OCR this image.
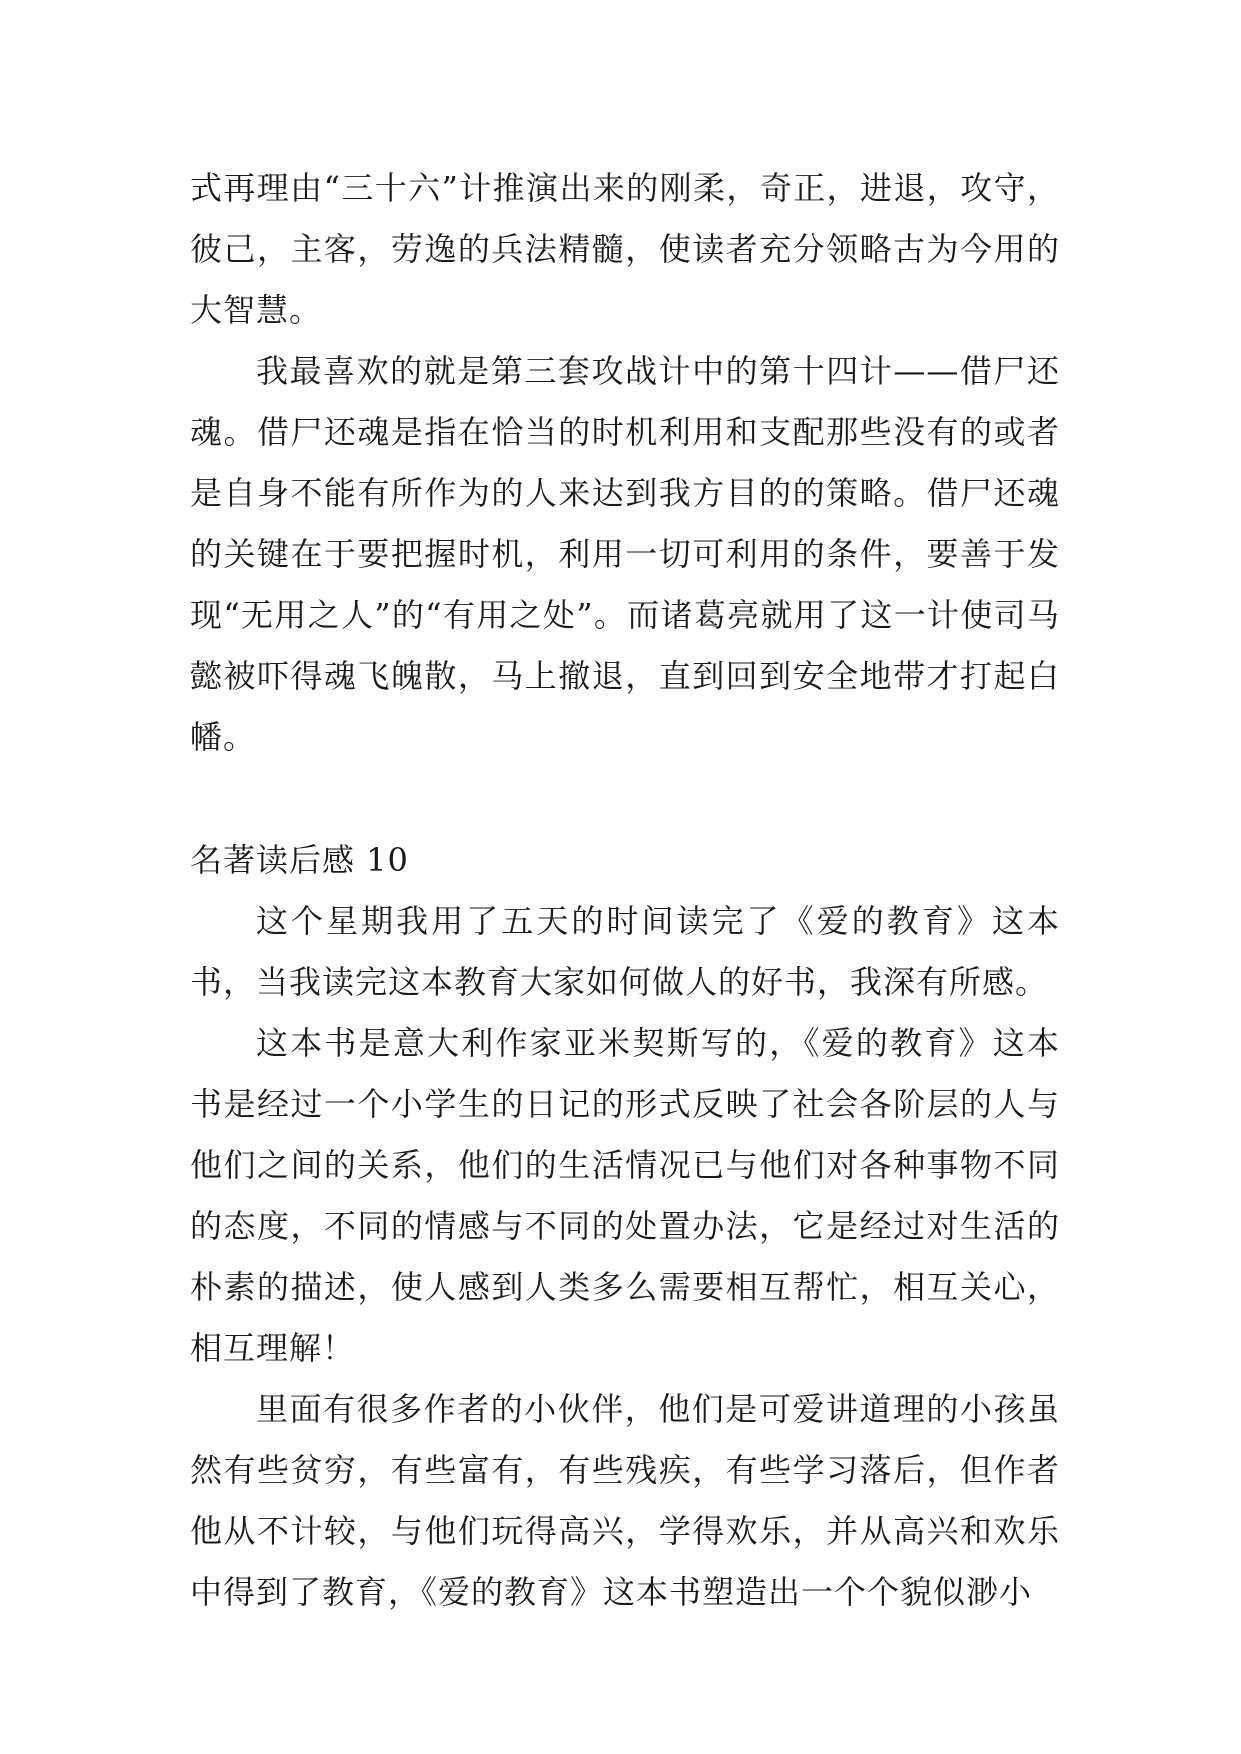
式再理由“三十六”计推演出来的刚柔，奇正，进退，攻守，彼己，主客，劳逸的兵法精髓，使读者充分领略古为今用的大智慧。

我最喜欢的就是第三套攻战计中的第十四计——借尸还魂。借尸还魂是指在恰当的时机利用和支配那些没有的或者是自身不能有所作为的人来达到我方目的的策略。借尸还魂的关键在于要把握时机，利用一切可利用的条件，要善于发现“无用之人”的“有用之处”。而诸葛亮就用了这一计使司马懿被吓得魂飞魄散，马上撤退，直到回到安全地带才打起白幡。

名著读后感 10

这个星期我用了五天的时间读完了《爱的教育》这本书，当我读完这本教育大家如何做人的好书，我深有所感。

这本书是意大利作家亚米契斯写的，《爱的教育》这本书是经过一个小学生的日记的形式反映了社会各阶层的人与他们之间的关系，他们的生活情况已与他们对各种事物不同的态度，不同的情感与不同的处置办法，它是经过对生活的朴素的描述，使人感到人类多么需要相互帮忙，相互关心，相互理解！

里面有很多作者的小伙伴，他们是可爱讲道理的小孩虽然有些贫穷，有些富有，有些残疾，有些学习落后，但作者他从不计较，与他们玩得高兴，学得欢乐，并从高兴和欢乐中得到了教育，《爱的教育》这本书塑造出一个个貌似渺小
